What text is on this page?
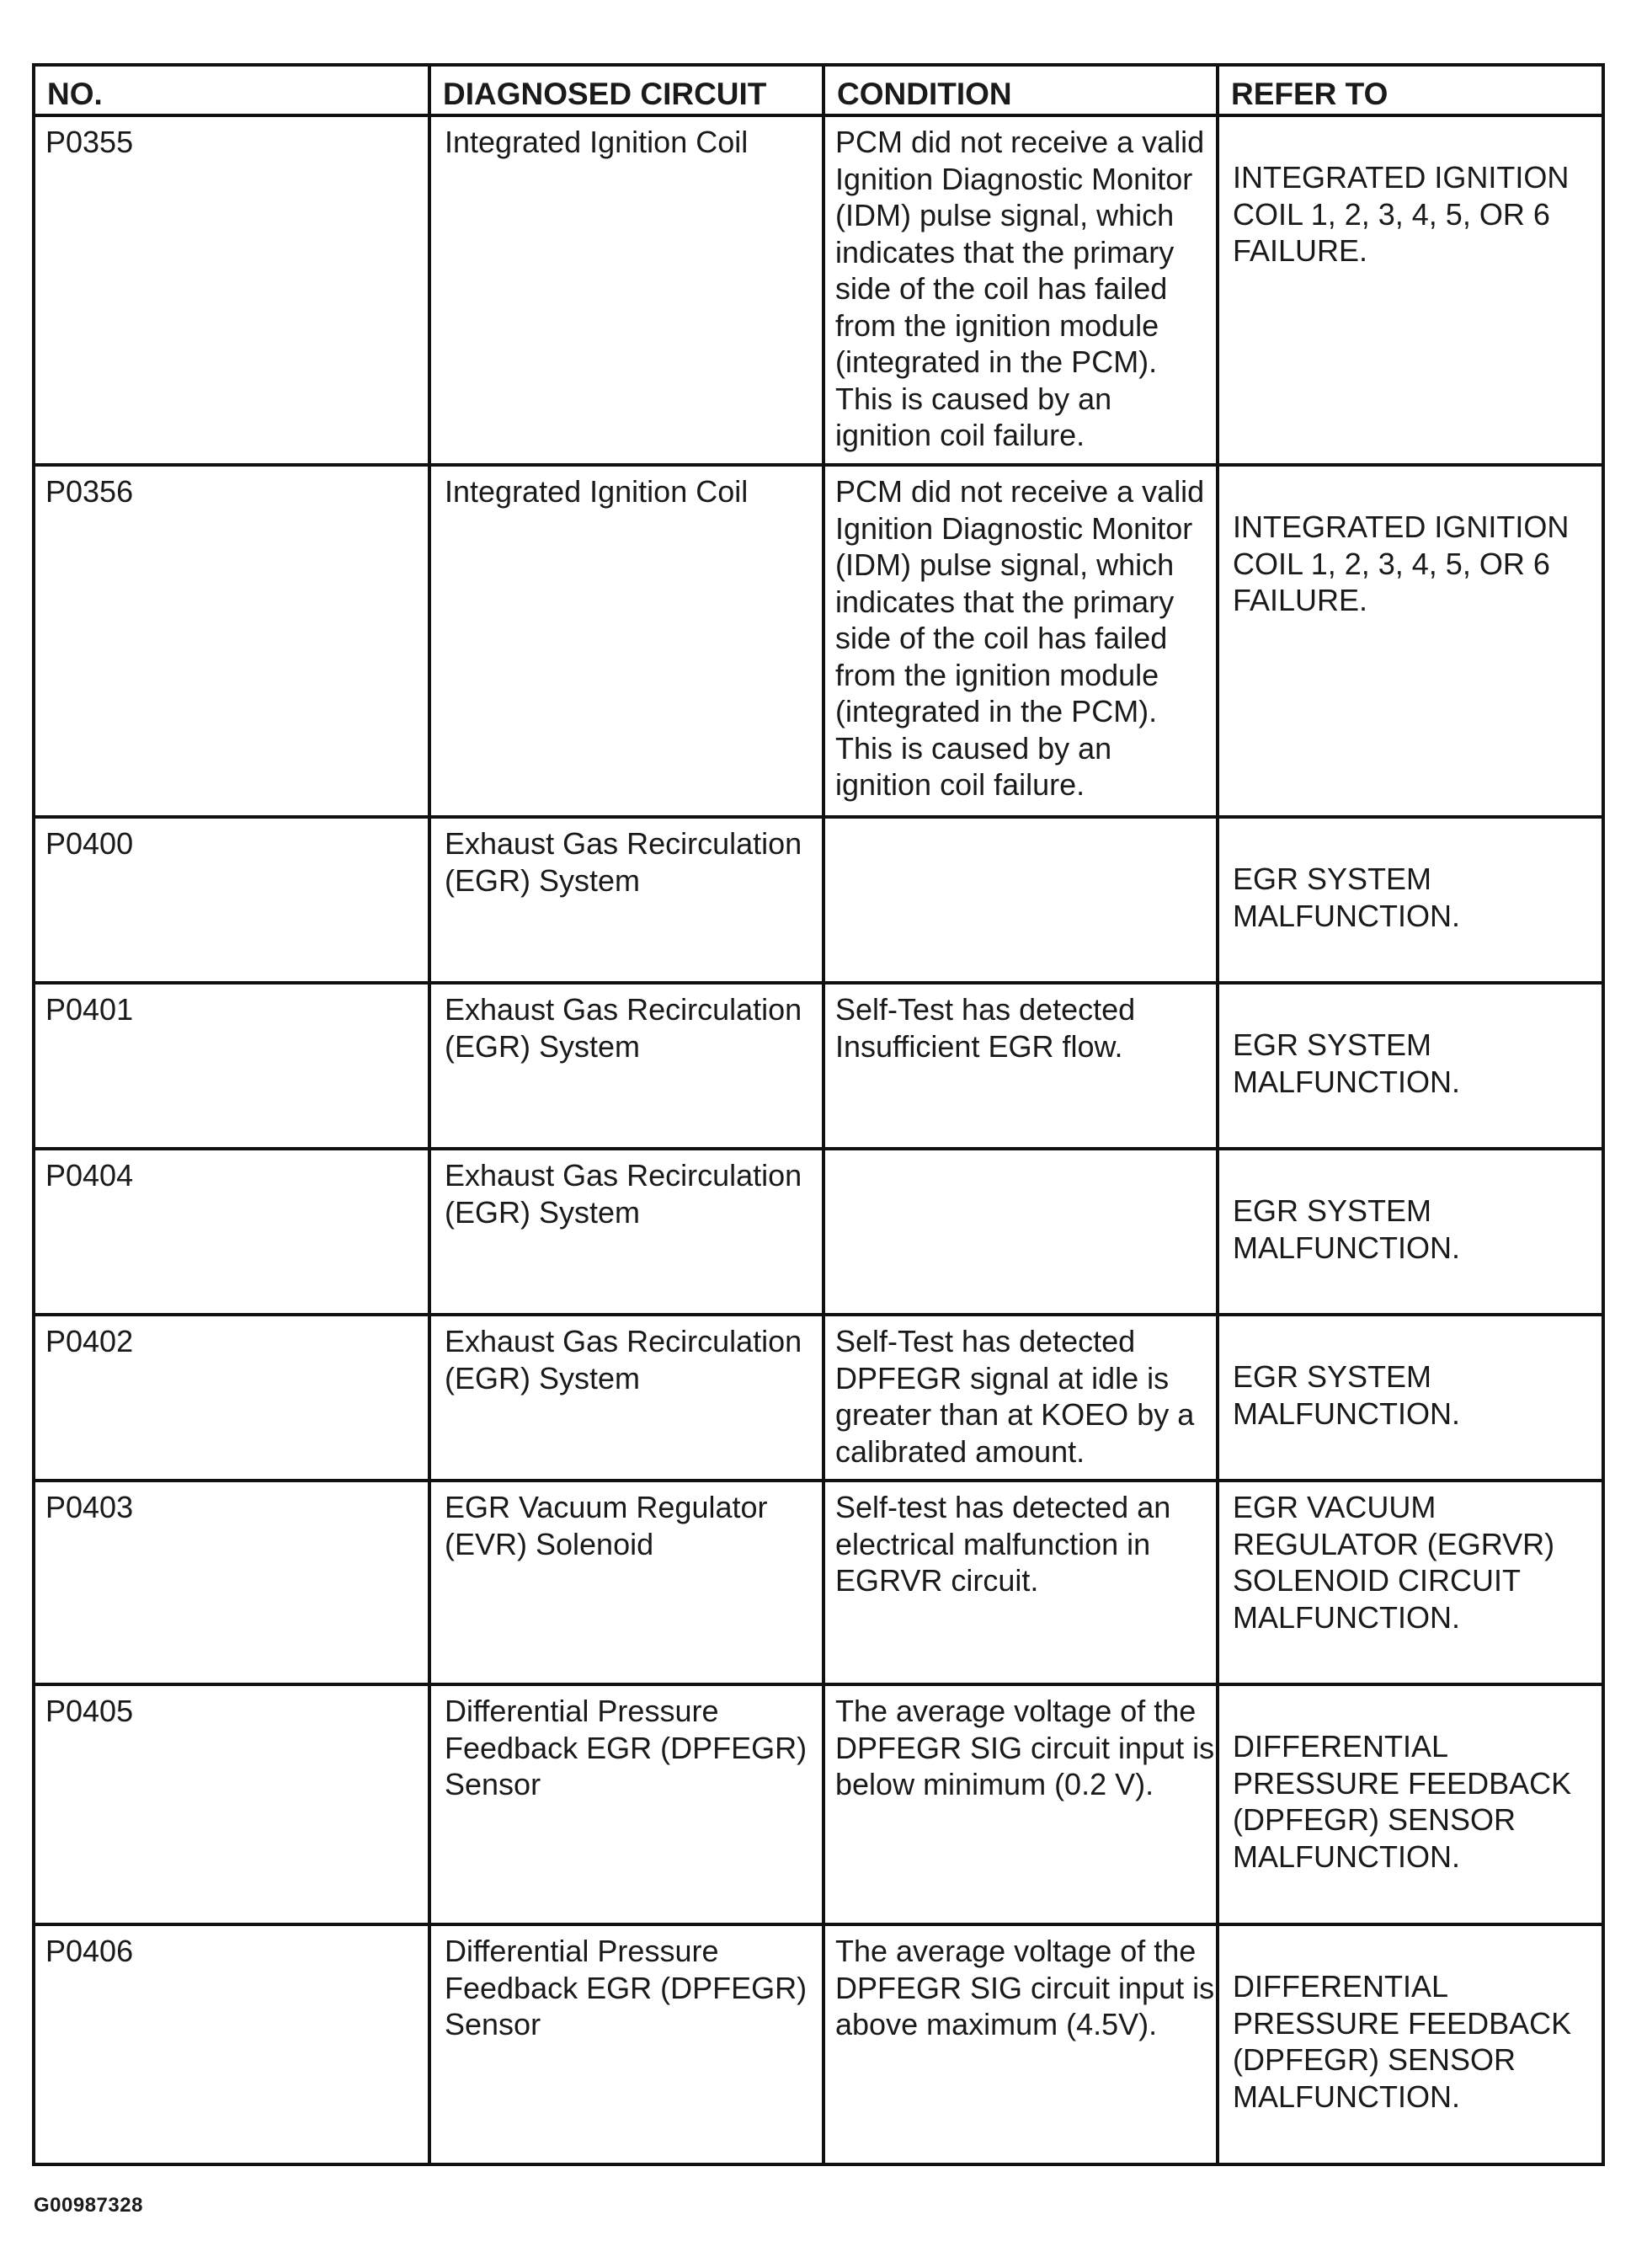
NO.	DIAGNOSED CIRCUIT	CONDITION	REFER TO
P0355	Integrated Ignition Coil	PCM did not receive a valid Ignition Diagnostic Monitor (IDM) pulse signal, which indicates that the primary side of the coil has failed from the ignition module (integrated in the PCM). This is caused by an ignition coil failure.	INTEGRATED IGNITION COIL 1, 2, 3, 4, 5, OR 6 FAILURE.
P0356	Integrated Ignition Coil	PCM did not receive a valid Ignition Diagnostic Monitor (IDM) pulse signal, which indicates that the primary side of the coil has failed from the ignition module (integrated in the PCM). This is caused by an ignition coil failure.	INTEGRATED IGNITION COIL 1, 2, 3, 4, 5, OR 6 FAILURE.
P0400	Exhaust Gas Recirculation (EGR) System		EGR SYSTEM MALFUNCTION.
P0401	Exhaust Gas Recirculation (EGR) System	Self-Test has detected Insufficient EGR flow.	EGR SYSTEM MALFUNCTION.
P0404	Exhaust Gas Recirculation (EGR) System		EGR SYSTEM MALFUNCTION.
P0402	Exhaust Gas Recirculation (EGR) System	Self-Test has detected DPFEGR signal at idle is greater than at KOEO by a calibrated amount.	EGR SYSTEM MALFUNCTION.
P0403	EGR Vacuum Regulator (EVR) Solenoid	Self-test has detected an electrical malfunction in EGRVR circuit.	EGR VACUUM REGULATOR (EGRVR) SOLENOID CIRCUIT MALFUNCTION.
P0405	Differential Pressure Feedback EGR (DPFEGR) Sensor	The average voltage of the DPFEGR SIG circuit input is below minimum (0.2 V).	DIFFERENTIAL PRESSURE FEEDBACK (DPFEGR) SENSOR MALFUNCTION.
P0406	Differential Pressure Feedback EGR (DPFEGR) Sensor	The average voltage of the DPFEGR SIG circuit input is above maximum (4.5V).	DIFFERENTIAL PRESSURE FEEDBACK (DPFEGR) SENSOR MALFUNCTION.
G00987328
